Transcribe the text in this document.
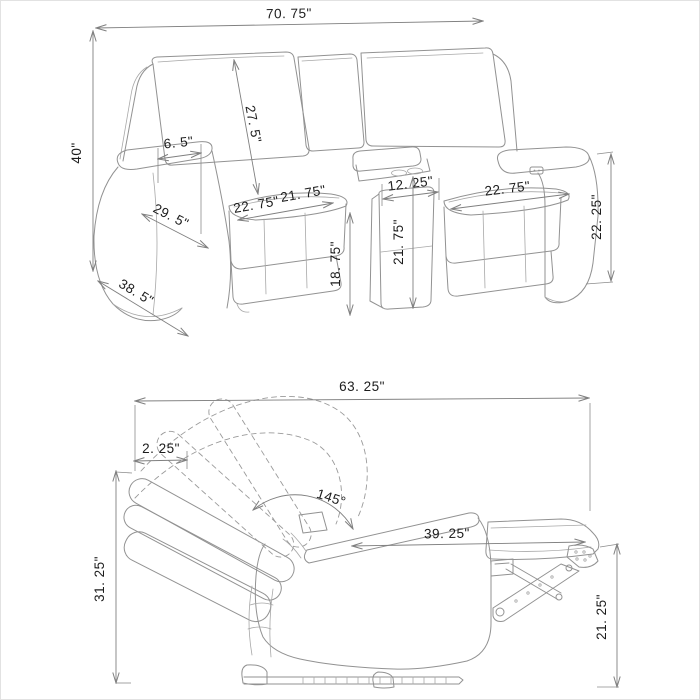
70. 75"
40"
38. 5"
27. 5"
6. 5"
29. 5"	22. 75" 21. 75"
18. 75"
12. 25"
21. 75"
22. 75"
22. 25"
63. 25"
2. 25"
145°
39. 25"
31. 25"
21. 25"
